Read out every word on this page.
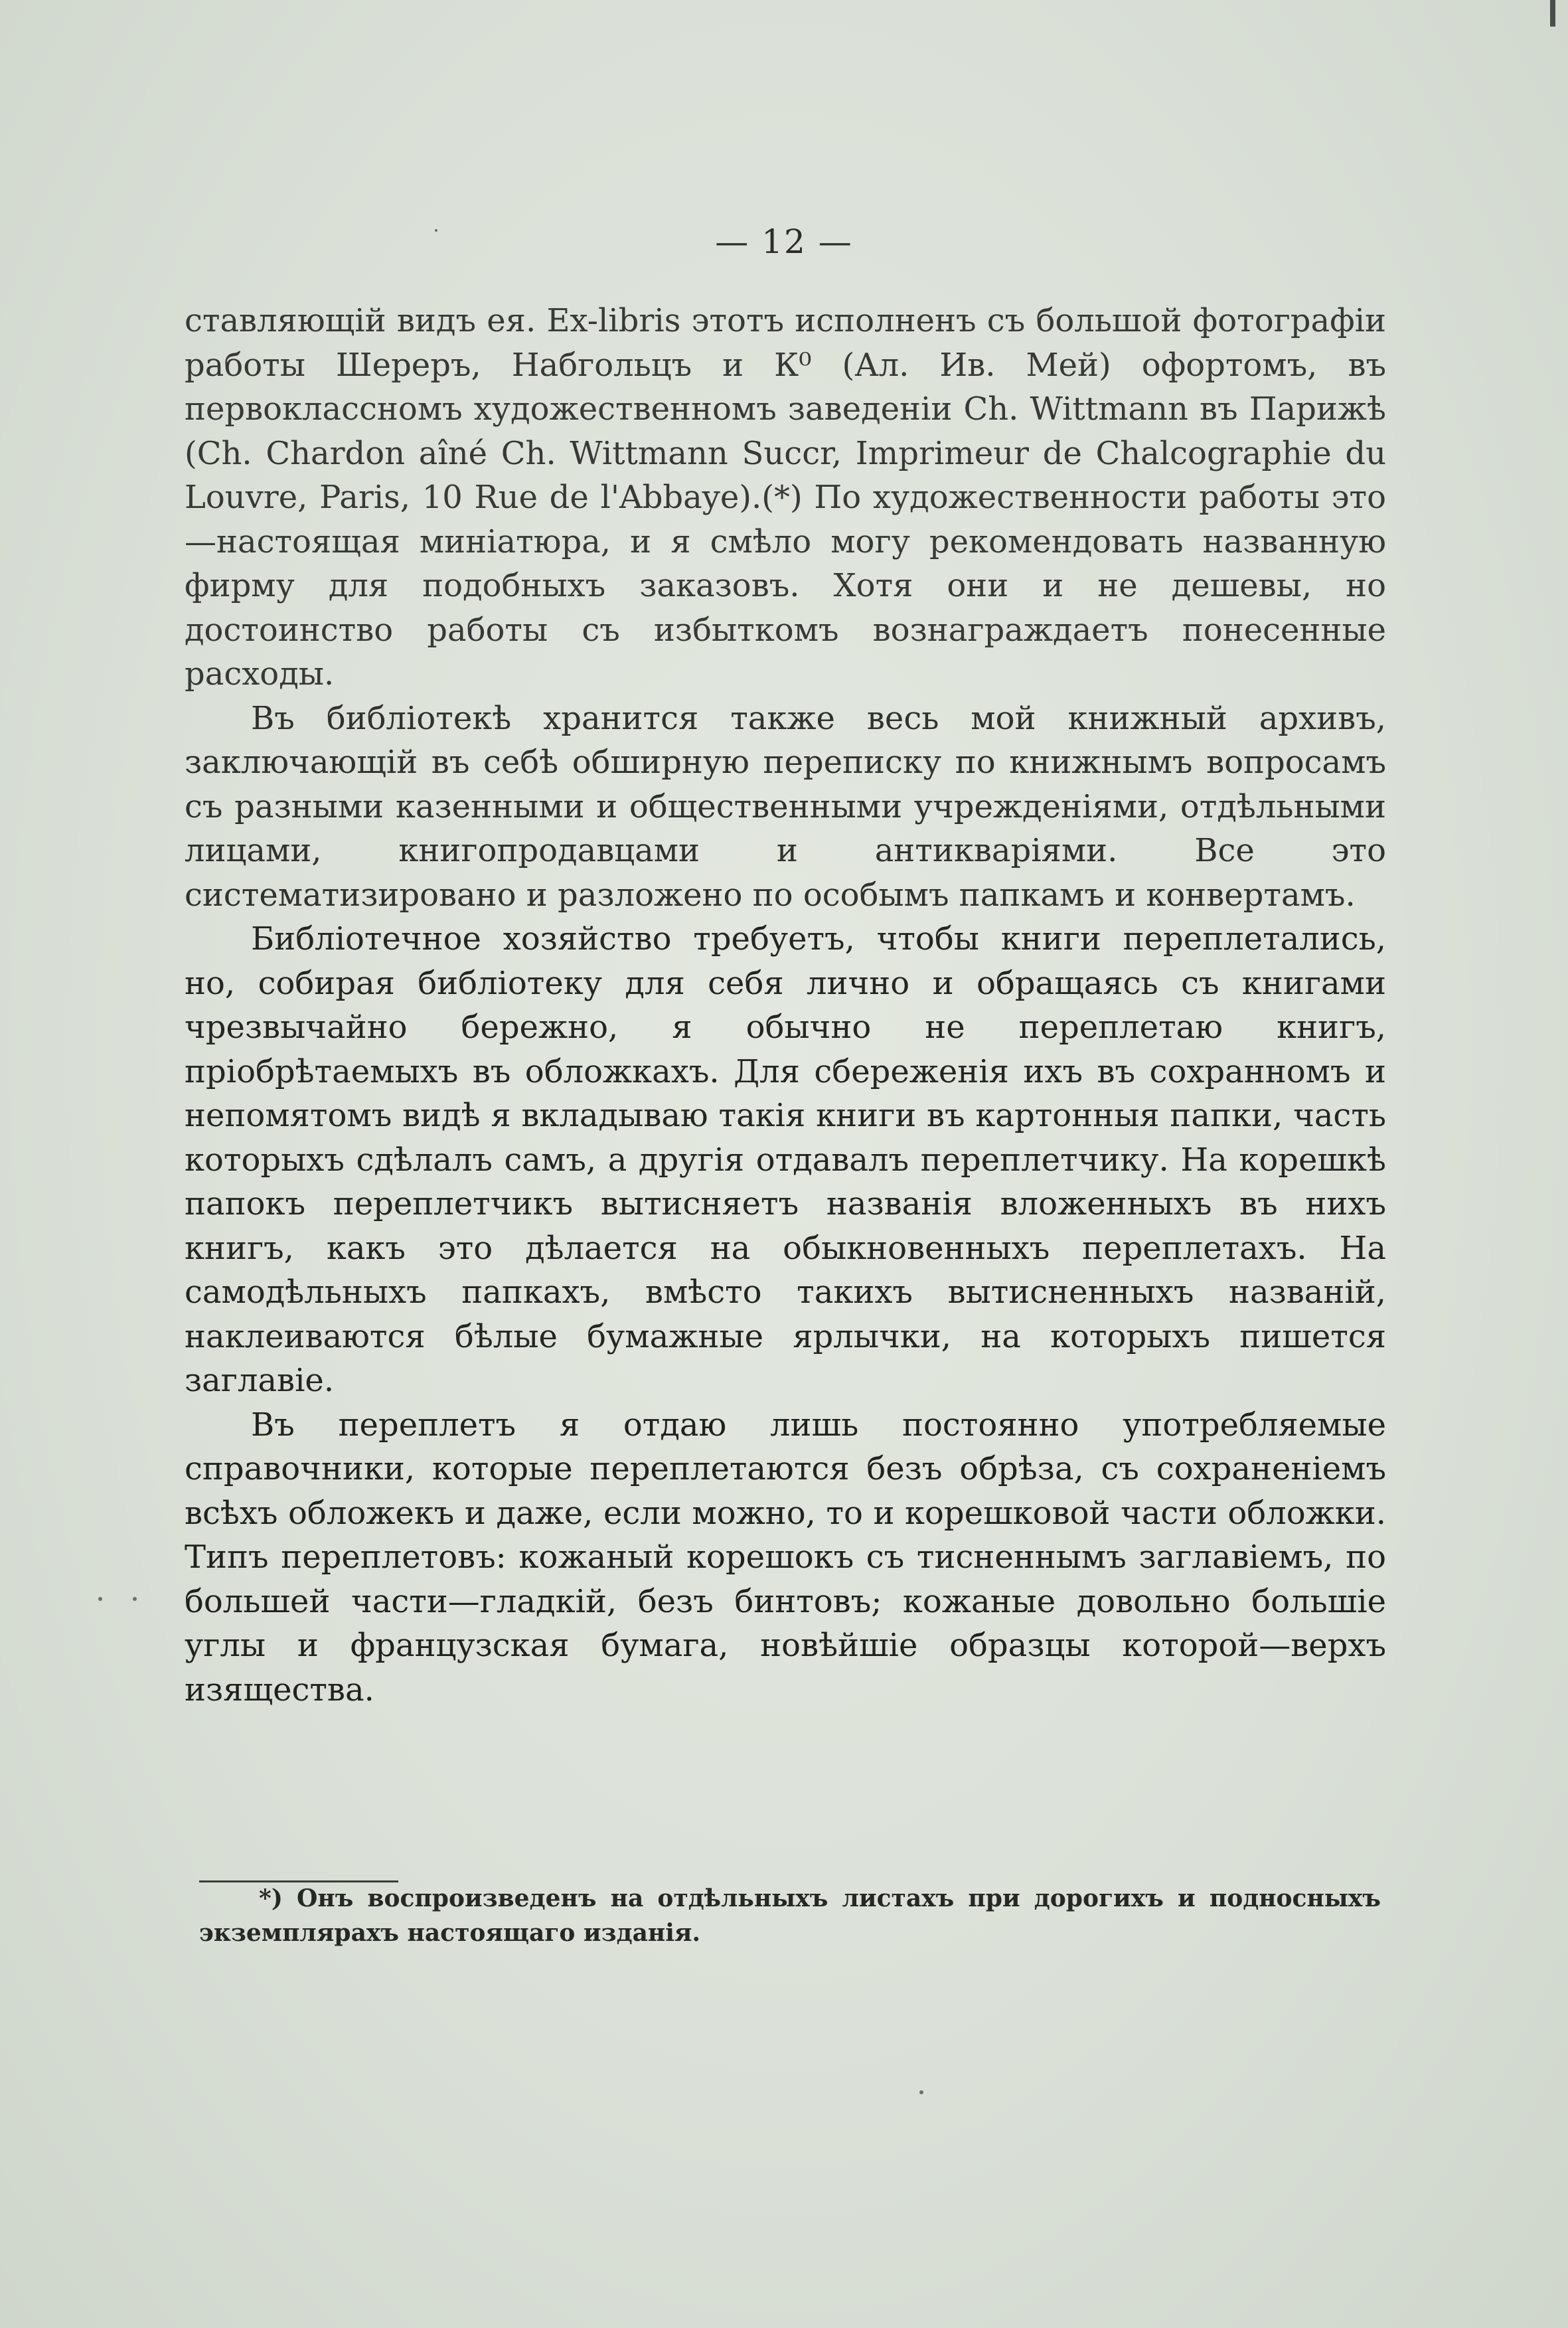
— 12 —

ставляющій видъ ея. Ex-libris этотъ исполненъ съ большой фотографіи работы Шереръ, Набгольцъ и К⁰ (Ал. Ив. Мей) офортомъ, въ первоклассномъ художественномъ заведеніи Ch. Wittmann въ Парижѣ (Ch. Chardon aîné Ch. Wittmann Succr, Imprimeur de Chalcographie du Louvre, Paris, 10 Rue de l'Abbaye).(*) По художественности работы это—настоящая миніатюра, и я смѣло могу рекомендовать названную фирму для подобныхъ заказовъ. Хотя они и не дешевы, но достоинство работы съ избыткомъ вознаграждаетъ понесенные расходы.

Въ библіотекѣ хранится также весь мой книжный архивъ, заключающій въ себѣ обширную переписку по книжнымъ вопросамъ съ разными казенными и общественными учрежденіями, отдѣльными лицами, книгопродавцами и антикваріями. Все это систематизировано и разложено по особымъ папкамъ и конвертамъ.

Библіотечное хозяйство требуетъ, чтобы книги переплетались, но, собирая библіотеку для себя лично и обращаясь съ книгами чрезвычайно бережно, я обычно не переплетаю книгъ, пріобрѣтаемыхъ въ обложкахъ. Для сбереженія ихъ въ сохранномъ и непомятомъ видѣ я вкладываю такія книги въ картонныя папки, часть которыхъ сдѣлалъ самъ, а другія отдавалъ переплетчику. На корешкѣ папокъ переплетчикъ вытисняетъ названія вложенныхъ въ нихъ книгъ, какъ это дѣлается на обыкновенныхъ переплетахъ. На самодѣльныхъ папкахъ, вмѣсто такихъ вытисненныхъ названій, наклеиваются бѣлые бумажные ярлычки, на которыхъ пишется заглавіе.

Въ переплетъ я отдаю лишь постоянно употребляемые справочники, которые переплетаются безъ обрѣза, съ сохраненіемъ всѣхъ обложекъ и даже, если можно, то и корешковой части обложки. Типъ переплетовъ: кожаный корешокъ съ тисненнымъ заглавіемъ, по большей части—гладкій, безъ бинтовъ; кожаные довольно большіе углы и французская бумага, новѣйшіе образцы которой—верхъ изящества.

*) Онъ воспроизведенъ на отдѣльныхъ листахъ при дорогихъ и подносныхъ экземплярахъ настоящаго изданія.
